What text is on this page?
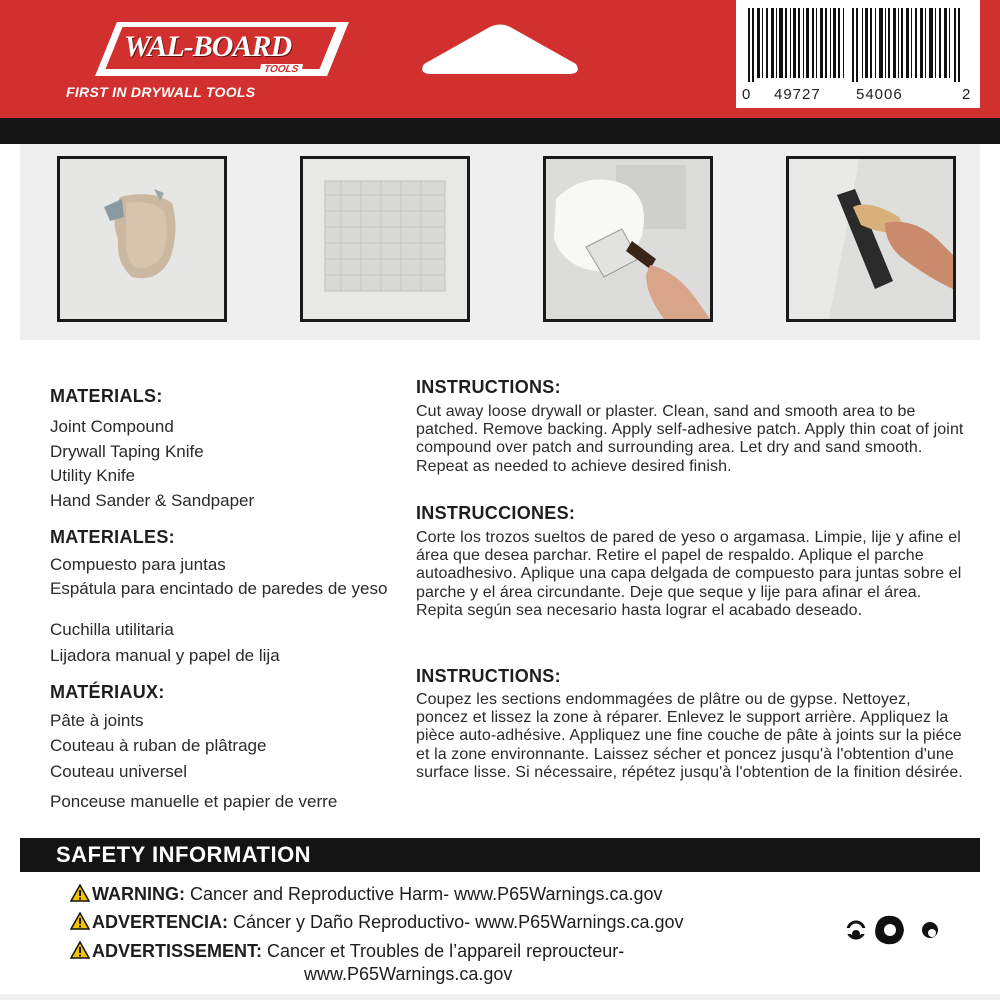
WAL-BOARD
TOOLS
FIRST IN DRYWALL TOOLS	0 49727 54006	2
MATERIALS:
Joint Compound
Drywall Taping Knife
Utility Knife
Hand Sander & Sandpaper
MATERIALES:
Compuesto para juntas
Espátula para encintado de paredes de yeso
Cuchilla utilitaria
Lijadora manual y papel de lija
MATÉRIAUX:
Pâte à joints
Couteau à ruban de plâtrage
Couteau universel
Ponceuse manuelle et papier de verre
INSTRUCTIONS:
Cut away loose drywall or plaster. Clean, sand and smooth area to be patched. Remove backing. Apply self-adhesive patch. Apply thin coat of joint compound over patch and surrounding area. Let dry and sand smooth. Repeat as needed to achieve desired finish.
INSTRUCCIONES:
Corte los trozos sueltos de pared de yeso o argamasa. Limpie, lije y afine el área que desea parchar. Retire el papel de respaldo. Aplique el parche autoadhesivo. Aplique una capa delgada de compuesto para juntas sobre el parche y el área circundante. Deje que seque y lije para afinar el área. Repita según sea necesario hasta lograr el acabado deseado.
INSTRUCTIONS:
Coupez les sections endommagées de plâtre ou de gypse. Nettoyez, poncez et lissez la zone à réparer. Enlevez le support arrière. Appliquez la pièce auto-adhésive. Appliquez une fine couche de pâte à joints sur la piéce et la zone environnante. Laissez sécher et poncez jusqu'à l'obtention d'une surface lisse. Si nécessaire, répétez jusqu'à l'obtention de la finition désirée.
SAFETY INFORMATION
WARNING: Cancer and Reproductive Harm- www.P65Warnings.ca.gov
ADVERTENCIA: Cáncer y Daño Reproductivo- www.P65Warnings.ca.gov
ADVERTISSEMENT: Cancer et Troubles de l’appareil reproucteur-
www.P65Warnings.ca.gov
